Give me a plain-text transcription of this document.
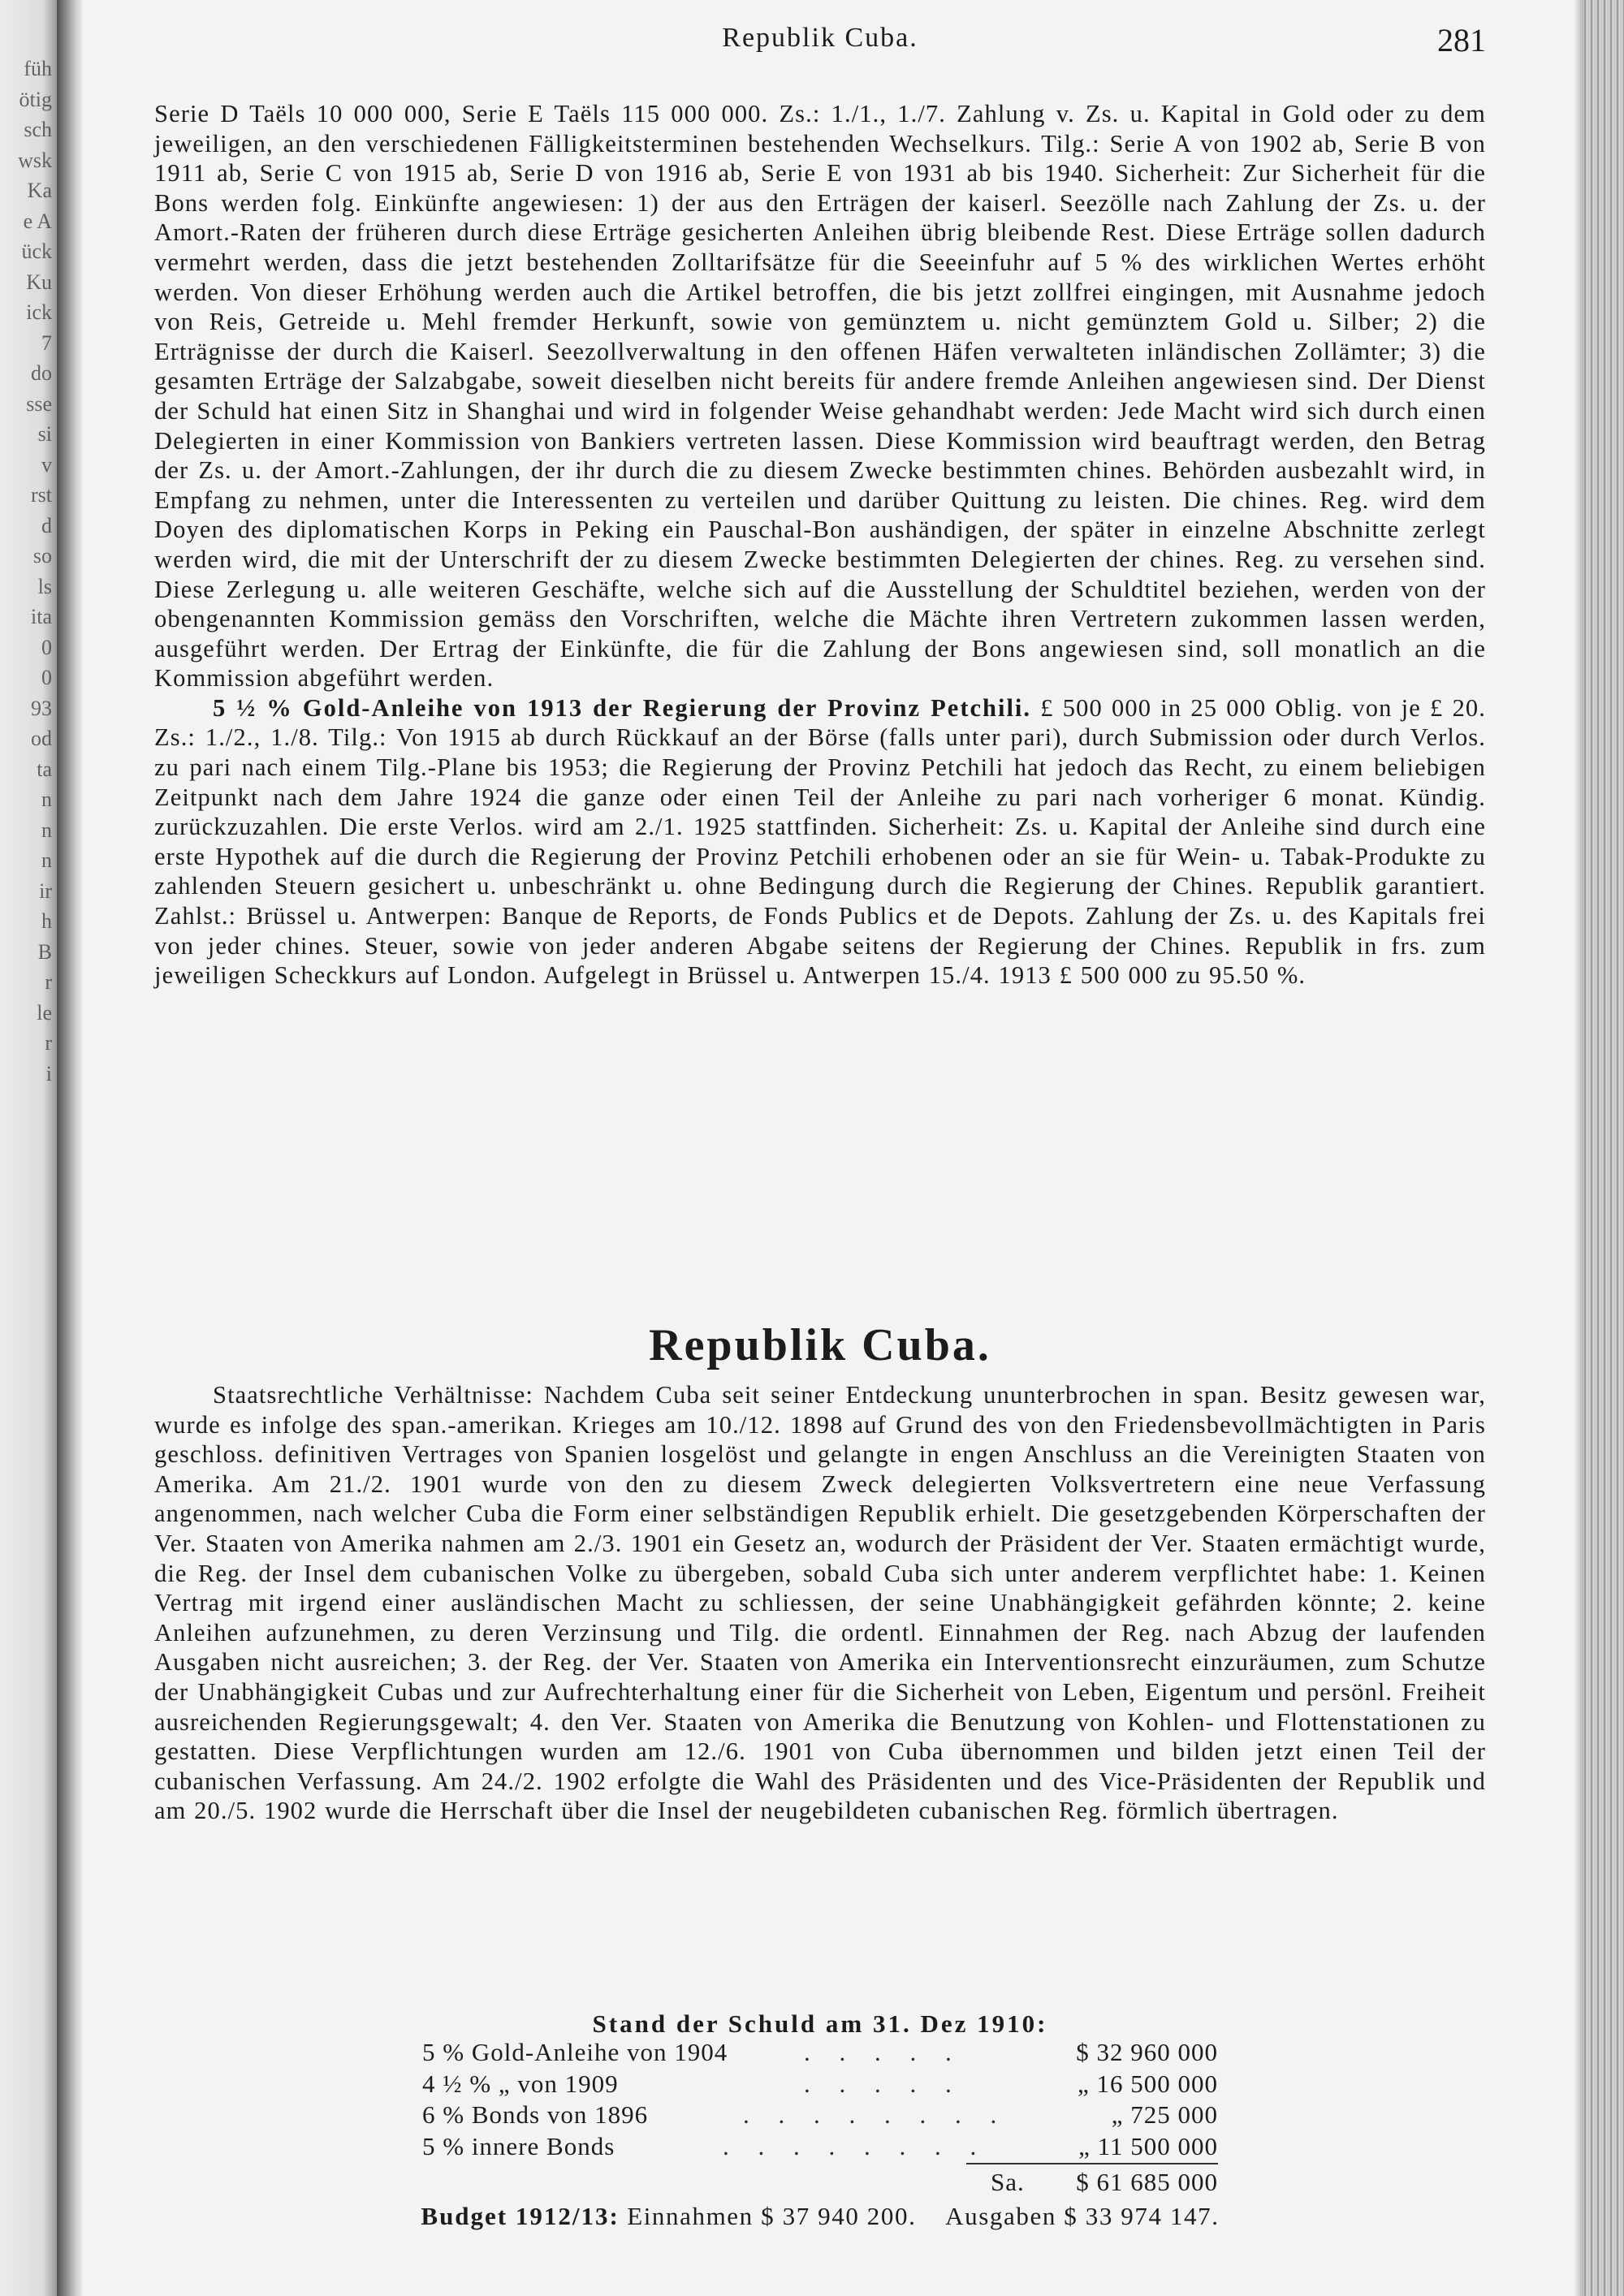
füh
ötig
sch
wsk
Ka
e A
ück
Ku
ick
7
do
sse
si
v
rst
d
so
ls
ita
0
0
93
od
ta
n
n
n
ir
h
B
r
le
r
i
Republik Cuba.	281

Serie D Taëls 10 000 000, Serie E Taëls 115 000 000. Zs.: 1./1., 1./7. Zahlung v. Zs. u. Kapital in Gold oder zu dem jeweiligen, an den verschiedenen Fälligkeitsterminen bestehenden Wechselkurs. Tilg.: Serie A von 1902 ab, Serie B von 1911 ab, Serie C von 1915 ab, Serie D von 1916 ab, Serie E von 1931 ab bis 1940. Sicherheit: Zur Sicherheit für die Bons werden folg. Einkünfte angewiesen: 1) der aus den Erträgen der kaiserl. Seezölle nach Zahlung der Zs. u. der Amort.-Raten der früheren durch diese Erträge gesicherten Anleihen übrig bleibende Rest. Diese Erträge sollen dadurch vermehrt werden, dass die jetzt bestehenden Zolltarifsätze für die Seeeinfuhr auf 5 % des wirklichen Wertes erhöht werden. Von dieser Erhöhung werden auch die Artikel betroffen, die bis jetzt zollfrei eingingen, mit Ausnahme jedoch von Reis, Getreide u. Mehl fremder Herkunft, sowie von gemünztem u. nicht gemünztem Gold u. Silber; 2) die Erträgnisse der durch die Kaiserl. Seezollverwaltung in den offenen Häfen verwalteten inländischen Zollämter; 3) die gesamten Erträge der Salzabgabe, soweit dieselben nicht bereits für andere fremde Anleihen angewiesen sind. Der Dienst der Schuld hat einen Sitz in Shanghai und wird in folgender Weise gehandhabt werden: Jede Macht wird sich durch einen Delegierten in einer Kommission von Bankiers vertreten lassen. Diese Kommission wird beauftragt werden, den Betrag der Zs. u. der Amort.-Zahlungen, der ihr durch die zu diesem Zwecke bestimmten chines. Behörden ausbezahlt wird, in Empfang zu nehmen, unter die Interessenten zu verteilen und darüber Quittung zu leisten. Die chines. Reg. wird dem Doyen des diplomatischen Korps in Peking ein Pauschal-Bon aushändigen, der später in einzelne Abschnitte zerlegt werden wird, die mit der Unterschrift der zu diesem Zwecke bestimmten Delegierten der chines. Reg. zu versehen sind. Diese Zerlegung u. alle weiteren Geschäfte, welche sich auf die Ausstellung der Schuldtitel beziehen, werden von der obengenannten Kommission gemäss den Vorschriften, welche die Mächte ihren Vertretern zukommen lassen werden, ausgeführt werden. Der Ertrag der Einkünfte, die für die Zahlung der Bons angewiesen sind, soll monatlich an die Kommission abgeführt werden.

5 ½ % Gold-Anleihe von 1913 der Regierung der Provinz Petchili. £ 500 000 in 25 000 Oblig. von je £ 20. Zs.: 1./2., 1./8. Tilg.: Von 1915 ab durch Rückkauf an der Börse (falls unter pari), durch Submission oder durch Verlos. zu pari nach einem Tilg.-Plane bis 1953; die Regierung der Provinz Petchili hat jedoch das Recht, zu einem beliebigen Zeitpunkt nach dem Jahre 1924 die ganze oder einen Teil der Anleihe zu pari nach vorheriger 6 monat. Kündig. zurückzuzahlen. Die erste Verlos. wird am 2./1. 1925 stattfinden. Sicherheit: Zs. u. Kapital der Anleihe sind durch eine erste Hypothek auf die durch die Regierung der Provinz Petchili erhobenen oder an sie für Wein- u. Tabak-Produkte zu zahlenden Steuern gesichert u. unbeschränkt u. ohne Bedingung durch die Regierung der Chines. Republik garantiert. Zahlst.: Brüssel u. Antwerpen: Banque de Reports, de Fonds Publics et de Depots. Zahlung der Zs. u. des Kapitals frei von jeder chines. Steuer, sowie von jeder anderen Abgabe seitens der Regierung der Chines. Republik in frs. zum jeweiligen Scheckkurs auf London. Aufgelegt in Brüssel u. Antwerpen 15./4. 1913 £ 500 000 zu 95.50 %.

Republik Cuba.

Staatsrechtliche Verhältnisse: Nachdem Cuba seit seiner Entdeckung ununterbrochen in span. Besitz gewesen war, wurde es infolge des span.-amerikan. Krieges am 10./12. 1898 auf Grund des von den Friedensbevollmächtigten in Paris geschloss. definitiven Vertrages von Spanien losgelöst und gelangte in engen Anschluss an die Vereinigten Staaten von Amerika. Am 21./2. 1901 wurde von den zu diesem Zweck delegierten Volksvertretern eine neue Verfassung angenommen, nach welcher Cuba die Form einer selbständigen Republik erhielt. Die gesetzgebenden Körperschaften der Ver. Staaten von Amerika nahmen am 2./3. 1901 ein Gesetz an, wodurch der Präsident der Ver. Staaten ermächtigt wurde, die Reg. der Insel dem cubanischen Volke zu übergeben, sobald Cuba sich unter anderem verpflichtet habe: 1. Keinen Vertrag mit irgend einer ausländischen Macht zu schliessen, der seine Unabhängigkeit gefährden könnte; 2. keine Anleihen aufzunehmen, zu deren Verzinsung und Tilg. die ordentl. Einnahmen der Reg. nach Abzug der laufenden Ausgaben nicht ausreichen; 3. der Reg. der Ver. Staaten von Amerika ein Interventionsrecht einzuräumen, zum Schutze der Unabhängigkeit Cubas und zur Aufrechterhaltung einer für die Sicherheit von Leben, Eigentum und persönl. Freiheit ausreichenden Regierungsgewalt; 4. den Ver. Staaten von Amerika die Benutzung von Kohlen- und Flottenstationen zu gestatten. Diese Verpflichtungen wurden am 12./6. 1901 von Cuba übernommen und bilden jetzt einen Teil der cubanischen Verfassung. Am 24./2. 1902 erfolgte die Wahl des Präsidenten und des Vice-Präsidenten der Republik und am 20./5. 1902 wurde die Herrschaft über die Insel der neugebildeten cubanischen Reg. förmlich übertragen.

Stand der Schuld am 31. Dez 1910:
5 % Gold-Anleihe von 1904	. . . . .	$ 32 960 000
4 ½ % „ von 1909	. . . . .	„ 16 500 000
6 % Bonds von 1896	. . . . . . . .	„ 725 000
5 % innere Bonds	. . . . . . . .	„ 11 500 000
Sa. $ 61 685 000
Budget 1912/13: Einnahmen $ 37 940 200. Ausgaben $ 33 974 147.
